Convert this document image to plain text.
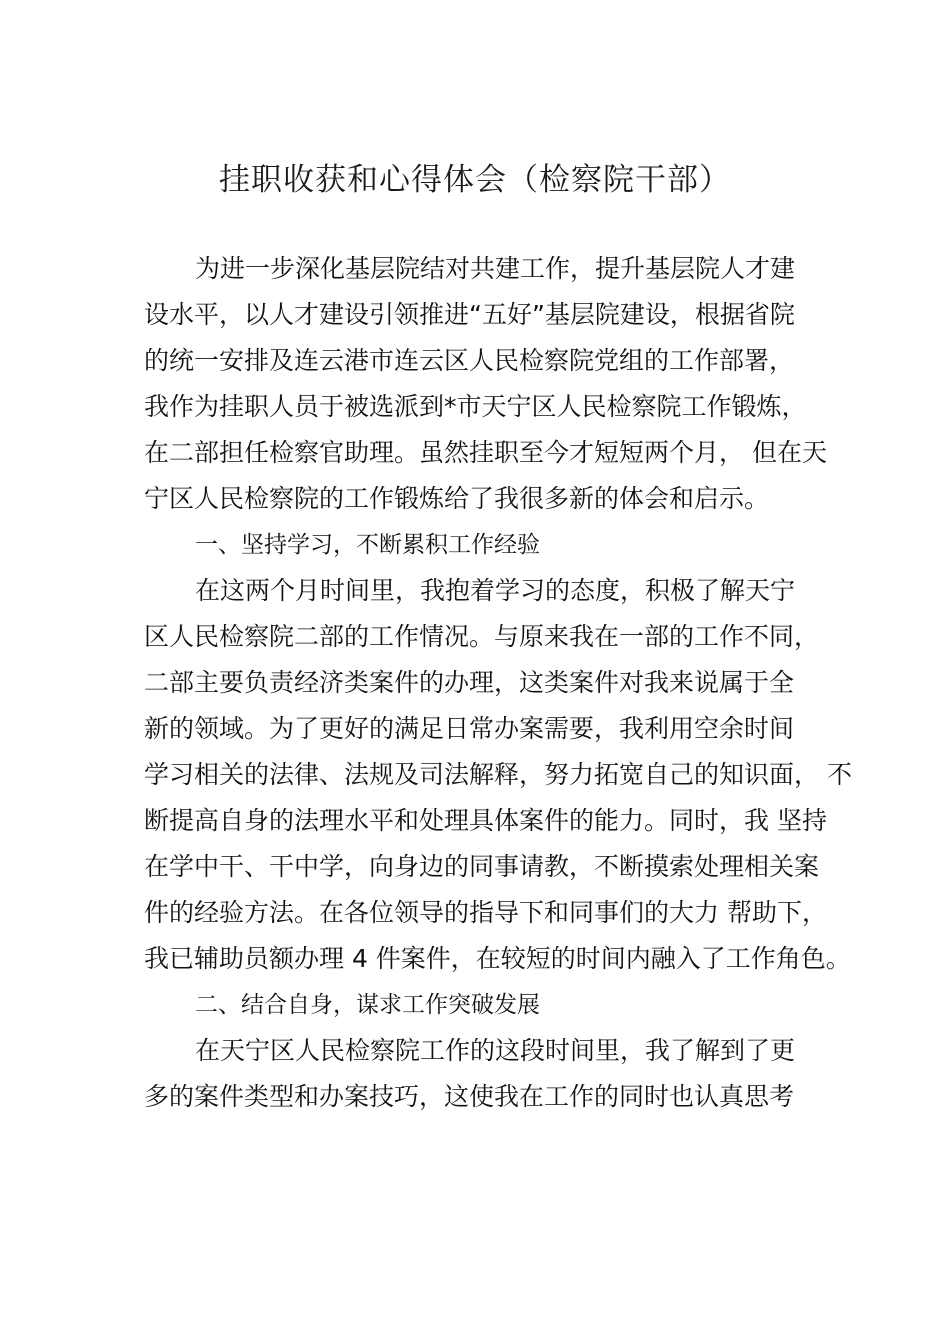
挂职收获和心得体会（检察院干部）
为进一步深化基层院结对共建工作，提升基层院人才建
设水平，以人才建设引领推进“五好”基层院建设，根据省院
的统一安排及连云港市连云区人民检察院党组的工作部署，
我作为挂职人员于被选派到*市天宁区人民检察院工作锻炼，
在二部担任检察官助理。虽然挂职至今才短短两个月， 但在天
宁区人民检察院的工作锻炼给了我很多新的体会和启示。
一、坚持学习，不断累积工作经验
在这两个月时间里，我抱着学习的态度，积极了解天宁
区人民检察院二部的工作情况。与原来我在一部的工作不同，
二部主要负责经济类案件的办理，这类案件对我来说属于全
新的领域。为了更好的满足日常办案需要，我利用空余时间
学习相关的法律、法规及司法解释，努力拓宽自己的知识面， 不
断提高自身的法理水平和处理具体案件的能力。同时，我 坚持
在学中干、干中学，向身边的同事请教，不断摸索处理相关案
件的经验方法。在各位领导的指导下和同事们的大力 帮助下，
我已辅助员额办理 4 件案件，在较短的时间内融入了工作角色。
二、结合自身，谋求工作突破发展
在天宁区人民检察院工作的这段时间里，我了解到了更
多的案件类型和办案技巧，这使我在工作的同时也认真思考
